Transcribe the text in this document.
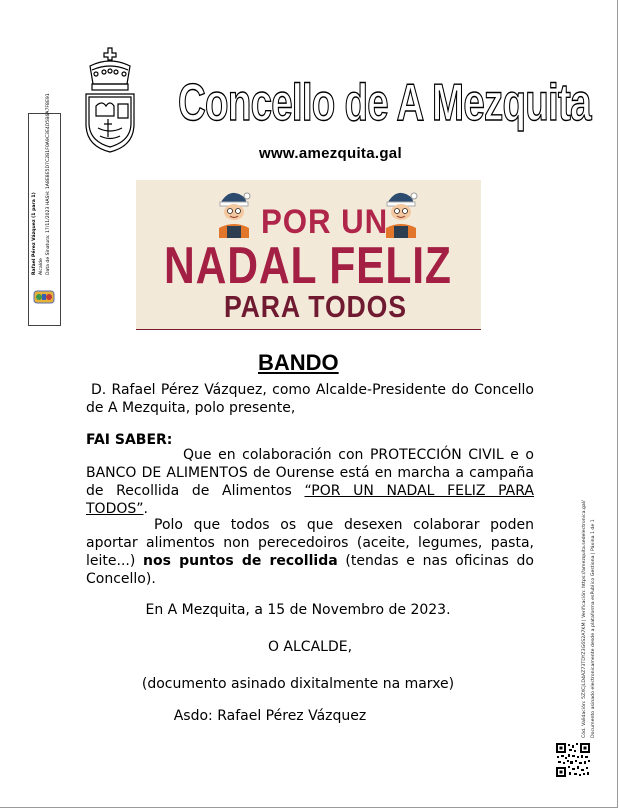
Rafael Pérez Vázquez (1 para 1) Alcalde Data de Sinatura: 17/11/2023 HASH: 1A8E8E5D7C2B1F0A9C3E4D5B6A7F8E91 Concello de A Mezquita
www.amezquita.gal
POR UN
NADAL FELIZ
PARA TODOS
BANDO
D. Rafael Pérez Vázquez, como Alcalde-Presidente do Concello de A Mezquita, polo presente,
FAI SABER:
Que en colaboración con PROTECCIÓN CIVIL e o BANCO DE ALIMENTOS de Ourense está en marcha a campaña de Recollida de Alimentos “POR UN NADAL FELIZ PARA TODOS”.
Polo que todos os que desexen colaborar poden aportar alimentos non perecedoiros (aceite, legumes, pasta, leite...) nos puntos de recollida (tendas e nas oficinas do Concello).
En A Mezquita, a 15 de Novembro de 2023.
O ALCALDE,
(documento asinado dixitalmente na marxe)
Asdo: Rafael Pérez Vázquez	Cód. Validación: 5ZXCJLD4AZ73TDYZ3G6S2A7KM | Verificación: https://amezquita.sedelectronica.gal/ Documento asinado electronicamente desde a plataforma esPublico Gestiona | Páxina 1 de 1
